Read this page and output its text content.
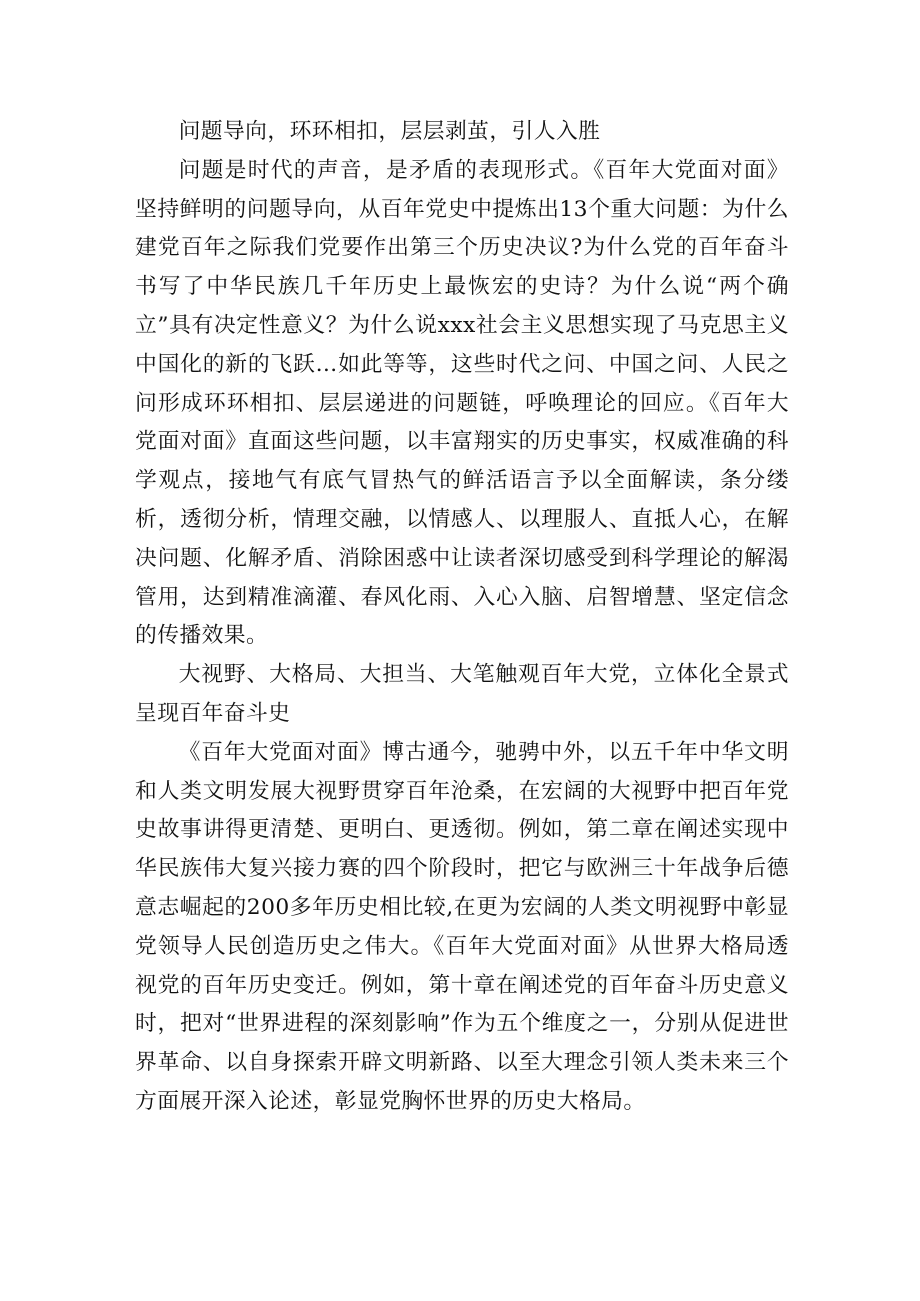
问题导向，环环相扣，层层剥茧，引人入胜

问题是时代的声音，是矛盾的表现形式。《百年大党面对面》坚持鲜明的问题导向，从百年党史中提炼出13个重大问题：为什么建党百年之际我们党要作出第三个历史决议?为什么党的百年奋斗书写了中华民族几千年历史上最恢宏的史诗？为什么说“两个确立”具有决定性意义？为什么说xxx社会主义思想实现了马克思主义中国化的新的飞跃…如此等等，这些时代之问、中国之问、人民之问形成环环相扣、层层递进的问题链，呼唤理论的回应。《百年大党面对面》直面这些问题，以丰富翔实的历史事实，权威准确的科学观点，接地气有底气冒热气的鲜活语言予以全面解读，条分缕析，透彻分析，情理交融，以情感人、以理服人、直抵人心，在解决问题、化解矛盾、消除困惑中让读者深切感受到科学理论的解渴管用，达到精准滴灌、春风化雨、入心入脑、启智增慧、坚定信念的传播效果。

大视野、大格局、大担当、大笔触观百年大党，立体化全景式呈现百年奋斗史

《百年大党面对面》博古通今，驰骋中外，以五千年中华文明和人类文明发展大视野贯穿百年沧桑，在宏阔的大视野中把百年党史故事讲得更清楚、更明白、更透彻。例如，第二章在阐述实现中华民族伟大复兴接力赛的四个阶段时，把它与欧洲三十年战争后德意志崛起的200多年历史相比较,在更为宏阔的人类文明视野中彰显党领导人民创造历史之伟大。《百年大党面对面》从世界大格局透视党的百年历史变迁。例如，第十章在阐述党的百年奋斗历史意义时，把对“世界进程的深刻影响”作为五个维度之一，分别从促进世界革命、以自身探索开辟文明新路、以至大理念引领人类未来三个方面展开深入论述，彰显党胸怀世界的历史大格局。
